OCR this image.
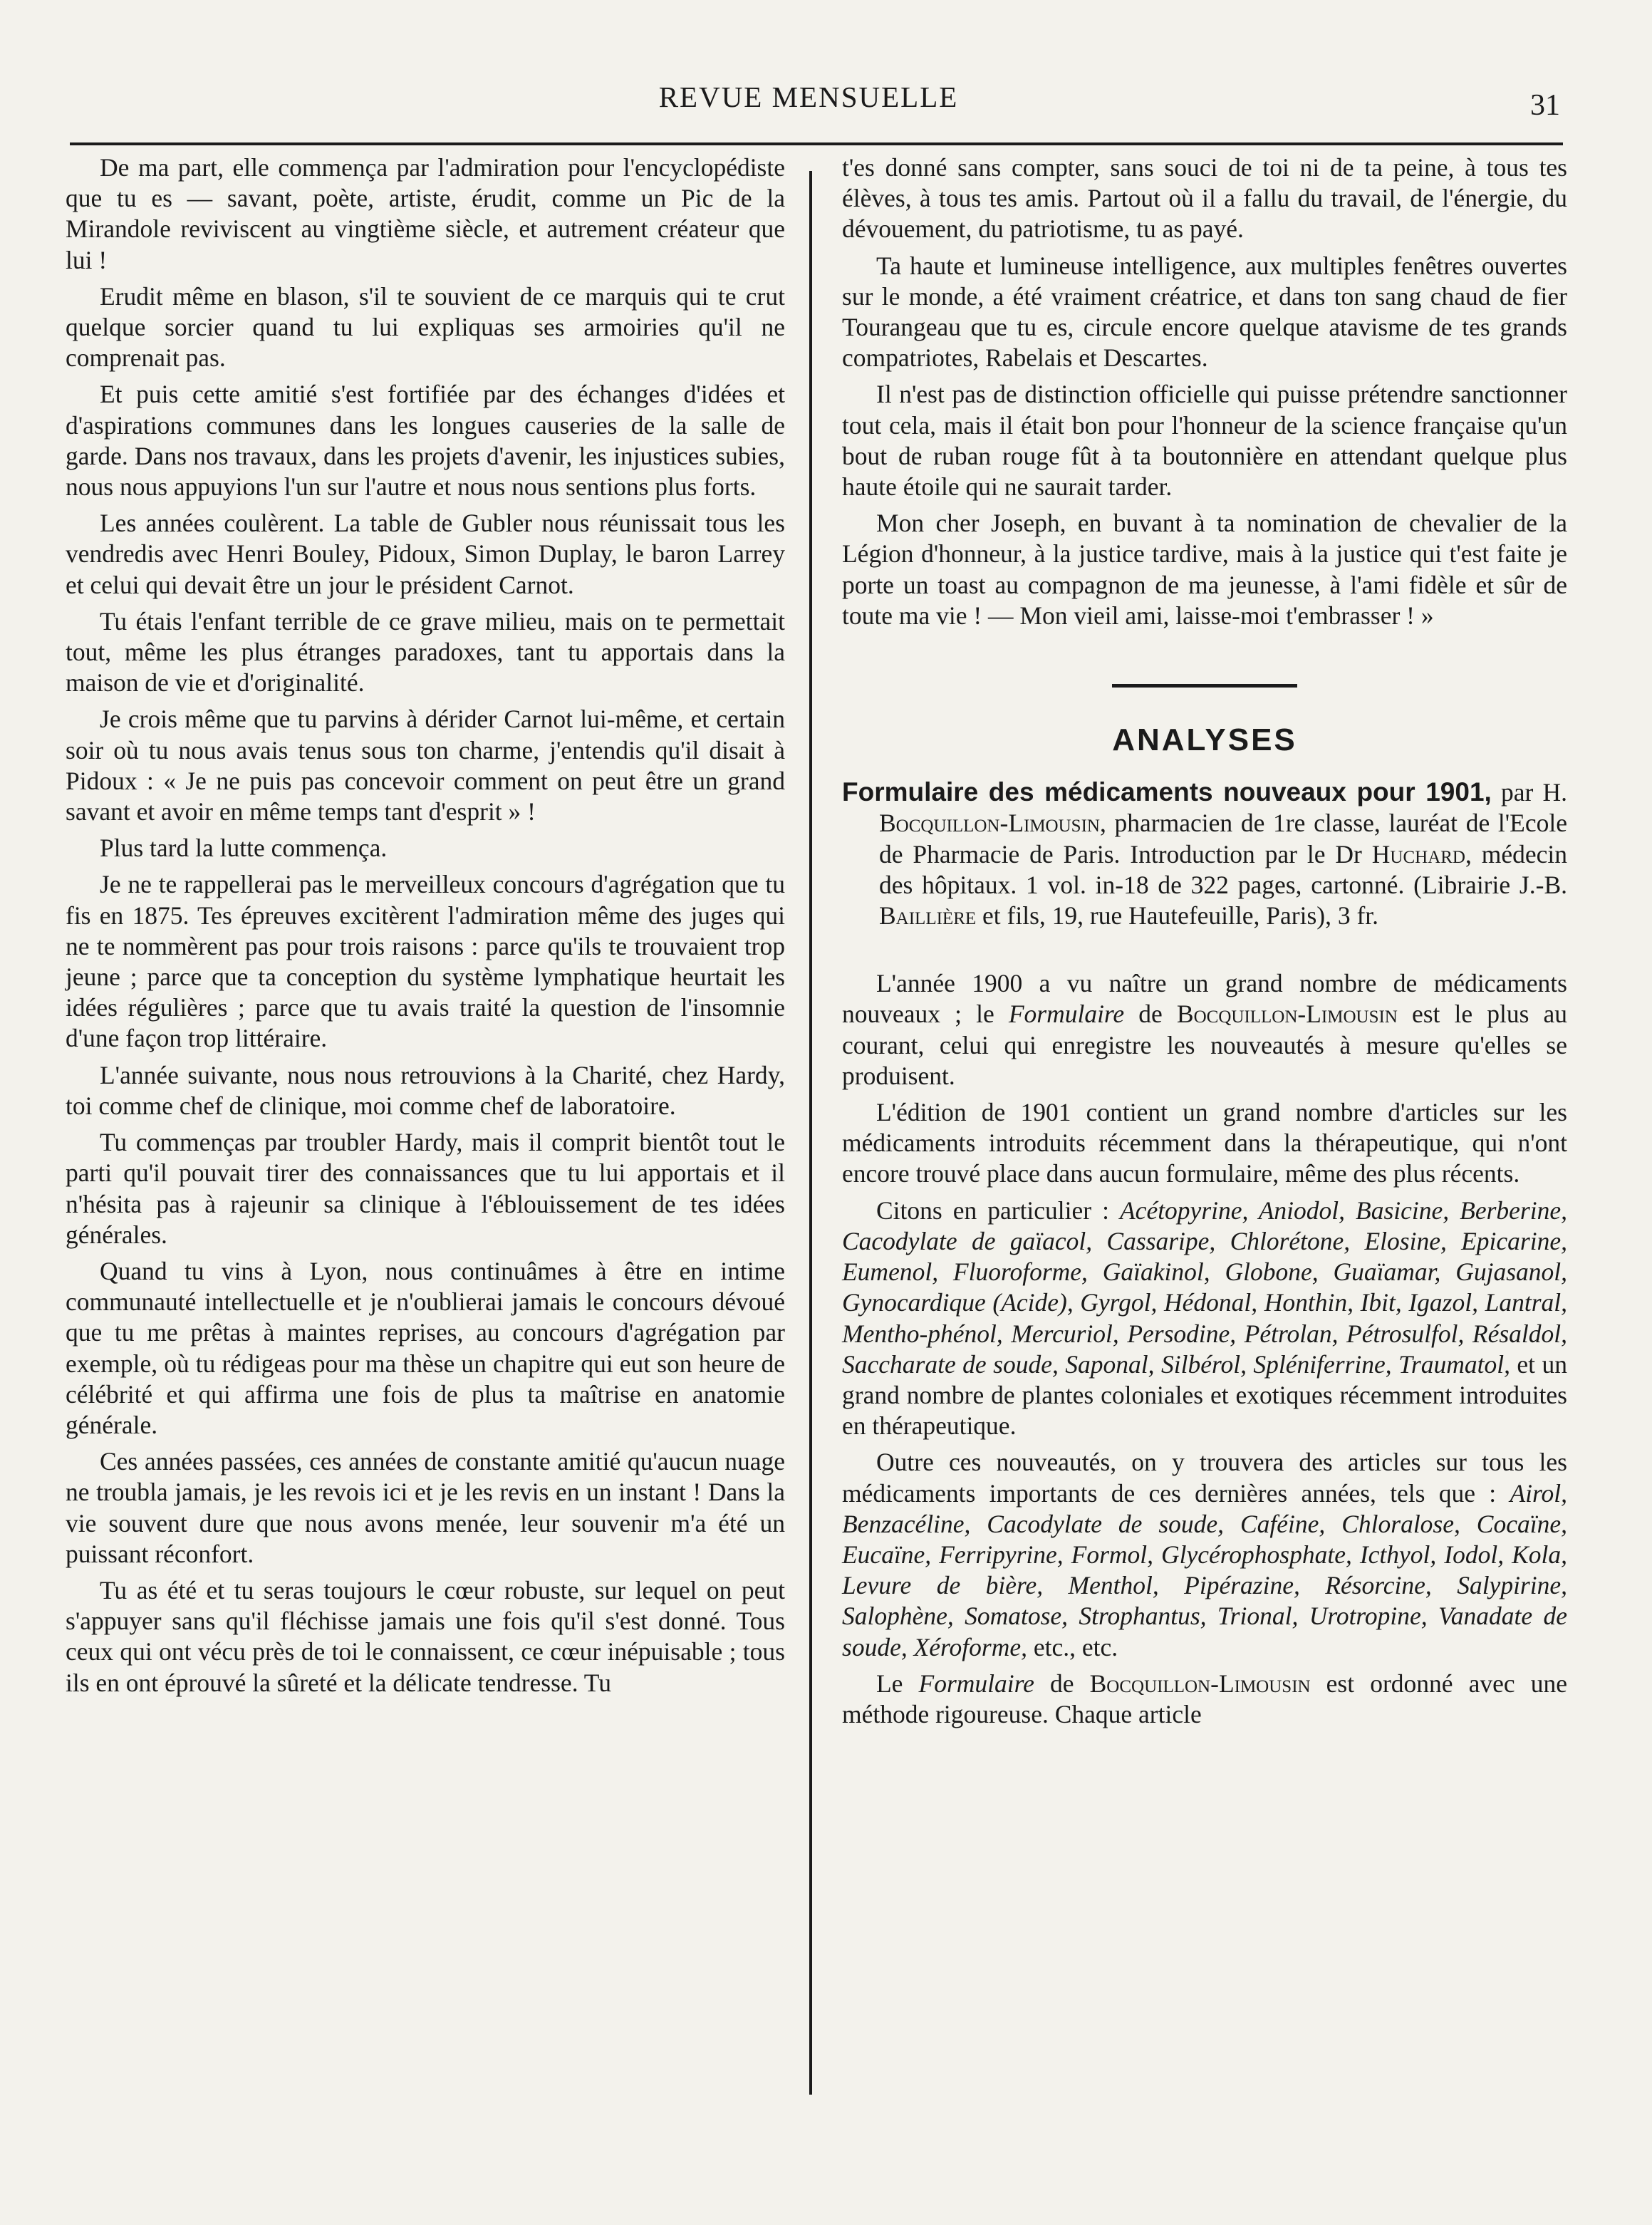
REVUE MENSUELLE	31

De ma part, elle commença par l'admiration pour l'encyclopédiste que tu es — savant, poète, artiste, érudit, comme un Pic de la Mirandole reviviscent au vingtième siècle, et autrement créateur que lui !

Erudit même en blason, s'il te souvient de ce marquis qui te crut quelque sorcier quand tu lui expliquas ses armoiries qu'il ne comprenait pas.

Et puis cette amitié s'est fortifiée par des échanges d'idées et d'aspirations communes dans les longues causeries de la salle de garde. Dans nos travaux, dans les projets d'avenir, les injustices subies, nous nous appuyions l'un sur l'autre et nous nous sentions plus forts.

Les années coulèrent. La table de Gubler nous réunissait tous les vendredis avec Henri Bouley, Pidoux, Simon Duplay, le baron Larrey et celui qui devait être un jour le président Carnot.

Tu étais l'enfant terrible de ce grave milieu, mais on te permettait tout, même les plus étranges paradoxes, tant tu apportais dans la maison de vie et d'originalité.

Je crois même que tu parvins à dérider Carnot lui-même, et certain soir où tu nous avais tenus sous ton charme, j'entendis qu'il disait à Pidoux : « Je ne puis pas concevoir comment on peut être un grand savant et avoir en même temps tant d'esprit » !

Plus tard la lutte commença.

Je ne te rappellerai pas le merveilleux concours d'agrégation que tu fis en 1875. Tes épreuves excitèrent l'admiration même des juges qui ne te nommèrent pas pour trois raisons : parce qu'ils te trouvaient trop jeune ; parce que ta conception du système lymphatique heurtait les idées régulières ; parce que tu avais traité la question de l'insomnie d'une façon trop littéraire.

L'année suivante, nous nous retrouvions à la Charité, chez Hardy, toi comme chef de clinique, moi comme chef de laboratoire.

Tu commenças par troubler Hardy, mais il comprit bientôt tout le parti qu'il pouvait tirer des connaissances que tu lui apportais et il n'hésita pas à rajeunir sa clinique à l'éblouissement de tes idées générales.

Quand tu vins à Lyon, nous continuâmes à être en intime communauté intellectuelle et je n'oublierai jamais le concours dévoué que tu me prêtas à maintes reprises, au concours d'agrégation par exemple, où tu rédigeas pour ma thèse un chapitre qui eut son heure de célébrité et qui affirma une fois de plus ta maîtrise en anatomie générale.

Ces années passées, ces années de constante amitié qu'aucun nuage ne troubla jamais, je les revois ici et je les revis en un instant ! Dans la vie souvent dure que nous avons menée, leur souvenir m'a été un puissant réconfort.

Tu as été et tu seras toujours le cœur robuste, sur lequel on peut s'appuyer sans qu'il fléchisse jamais une fois qu'il s'est donné. Tous ceux qui ont vécu près de toi le connaissent, ce cœur inépuisable ; tous ils en ont éprouvé la sûreté et la délicate tendresse. Tu

t'es donné sans compter, sans souci de toi ni de ta peine, à tous tes élèves, à tous tes amis. Partout où il a fallu du travail, de l'énergie, du dévouement, du patriotisme, tu as payé.

Ta haute et lumineuse intelligence, aux multiples fenêtres ouvertes sur le monde, a été vraiment créatrice, et dans ton sang chaud de fier Tourangeau que tu es, circule encore quelque atavisme de tes grands compatriotes, Rabelais et Descartes.

Il n'est pas de distinction officielle qui puisse prétendre sanctionner tout cela, mais il était bon pour l'honneur de la science française qu'un bout de ruban rouge fût à ta boutonnière en attendant quelque plus haute étoile qui ne saurait tarder.

Mon cher Joseph, en buvant à ta nomination de chevalier de la Légion d'honneur, à la justice tardive, mais à la justice qui t'est faite je porte un toast au compagnon de ma jeunesse, à l'ami fidèle et sûr de toute ma vie ! — Mon vieil ami, laisse-moi t'embrasser ! »

ANALYSES

Formulaire des médicaments nouveaux pour 1901, par H. Bocquillon-Limousin, pharmacien de 1re classe, lauréat de l'Ecole de Pharmacie de Paris. Introduction par le Dr Huchard, médecin des hôpitaux. 1 vol. in-18 de 322 pages, cartonné. (Librairie J.-B. Baillière et fils, 19, rue Hautefeuille, Paris), 3 fr.

L'année 1900 a vu naître un grand nombre de médicaments nouveaux ; le Formulaire de Bocquillon-Limousin est le plus au courant, celui qui enregistre les nouveautés à mesure qu'elles se produisent.

L'édition de 1901 contient un grand nombre d'articles sur les médicaments introduits récemment dans la thérapeutique, qui n'ont encore trouvé place dans aucun formulaire, même des plus récents.

Citons en particulier : Acétopyrine, Aniodol, Basicine, Berberine, Cacodylate de gaïacol, Cassaripe, Chlorétone, Elosine, Epicarine, Eumenol, Fluoroforme, Gaïakinol, Globone, Guaïamar, Gujasanol, Gynocardique (Acide), Gyrgol, Hédonal, Honthin, Ibit, Igazol, Lantral, Mentho-phénol, Mercuriol, Persodine, Pétrolan, Pétrosulfol, Résaldol, Saccharate de soude, Saponal, Silbérol, Spléniferrine, Traumatol, et un grand nombre de plantes coloniales et exotiques récemment introduites en thérapeutique.

Outre ces nouveautés, on y trouvera des articles sur tous les médicaments importants de ces dernières années, tels que : Airol, Benzacéline, Cacodylate de soude, Caféine, Chloralose, Cocaïne, Eucaïne, Ferripyrine, Formol, Glycérophosphate, Icthyol, Iodol, Kola, Levure de bière, Menthol, Pipérazine, Résorcine, Salypirine, Salophène, Somatose, Strophantus, Trional, Urotropine, Vanadate de soude, Xéroforme, etc., etc.

Le Formulaire de Bocquillon-Limousin est ordonné avec une méthode rigoureuse. Chaque article
